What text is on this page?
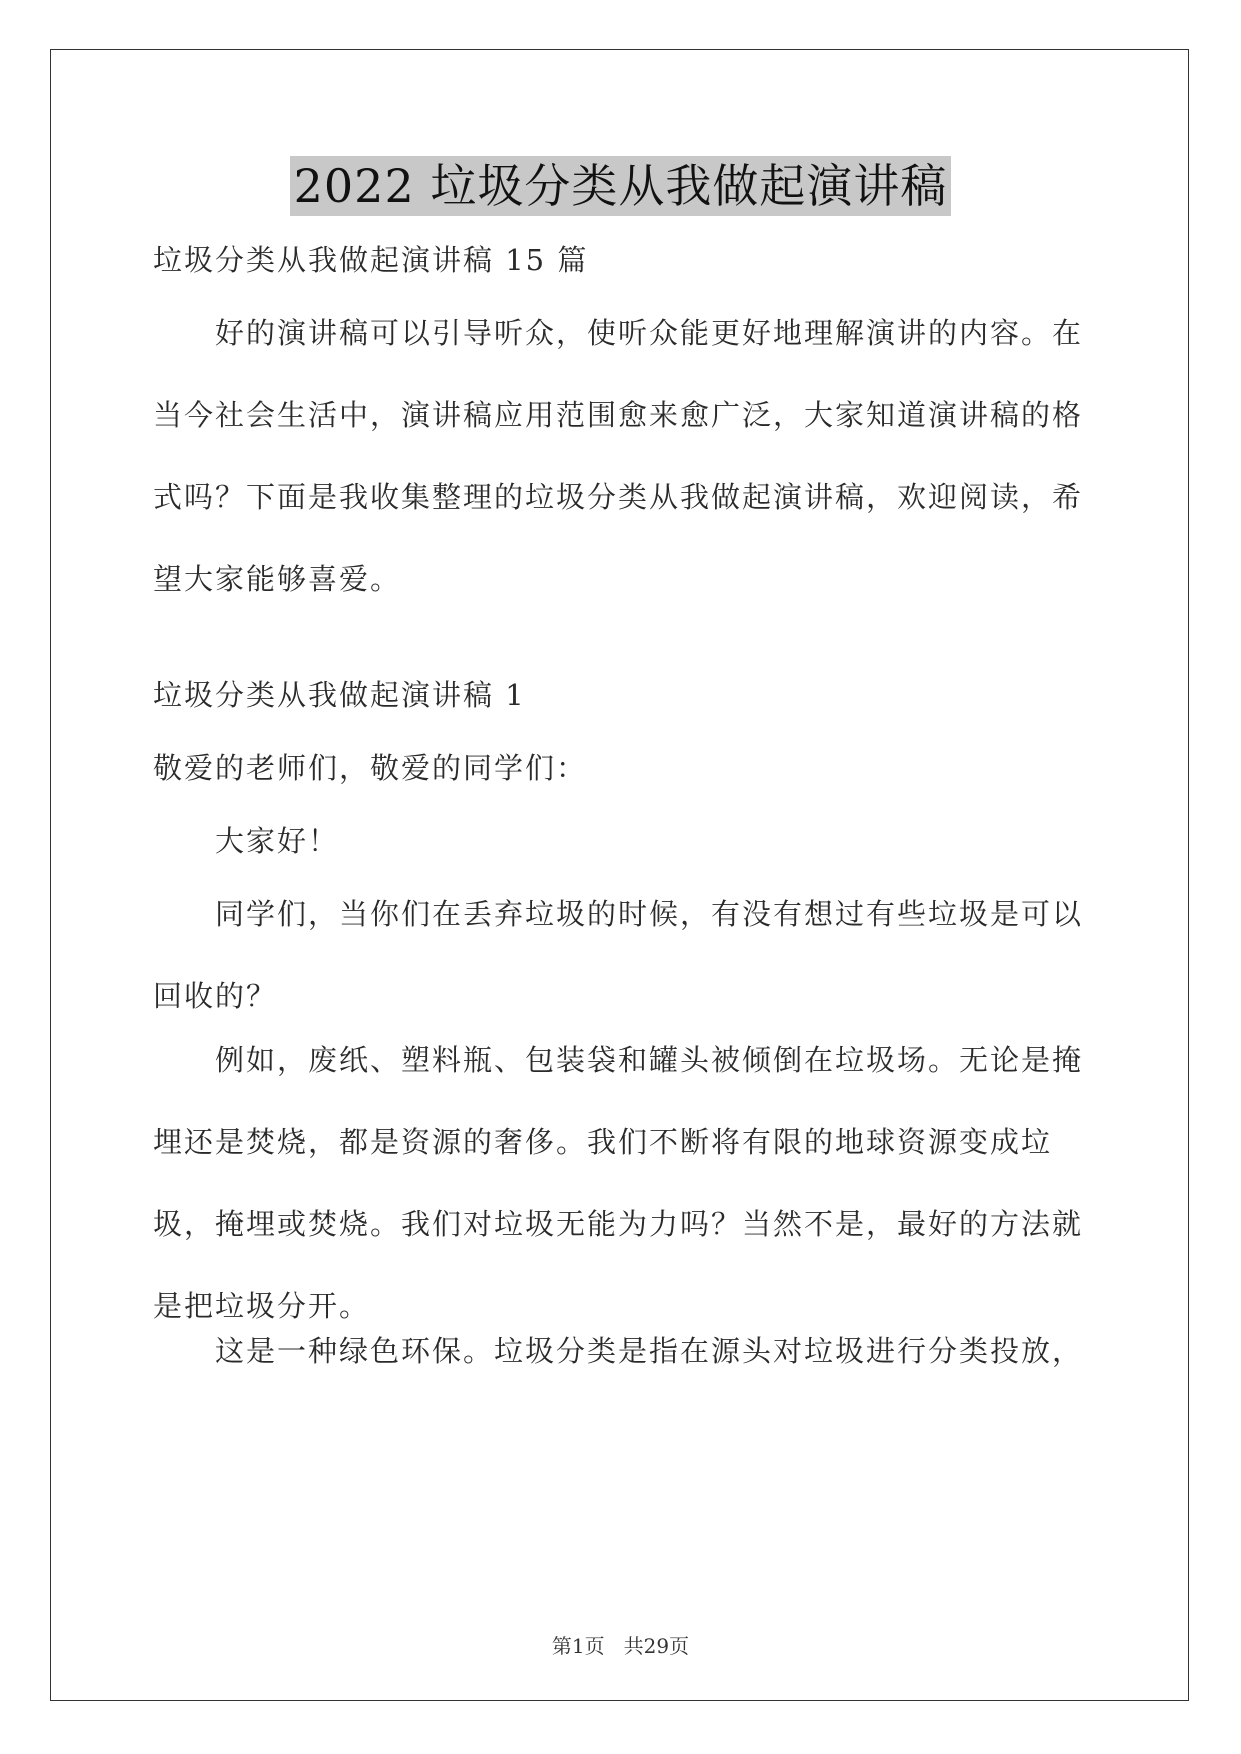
2022 垃圾分类从我做起演讲稿

垃圾分类从我做起演讲稿 15 篇

好的演讲稿可以引导听众，使听众能更好地理解演讲的内容。在当今社会生活中，演讲稿应用范围愈来愈广泛，大家知道演讲稿的格式吗？下面是我收集整理的垃圾分类从我做起演讲稿，欢迎阅读，希望大家能够喜爱。

垃圾分类从我做起演讲稿 1

敬爱的老师们，敬爱的同学们：

大家好！

同学们，当你们在丢弃垃圾的时候，有没有想过有些垃圾是可以回收的？

例如，废纸、塑料瓶、包装袋和罐头被倾倒在垃圾场。无论是掩埋还是焚烧，都是资源的奢侈。我们不断将有限的地球资源变成垃圾，掩埋或焚烧。我们对垃圾无能为力吗？当然不是，最好的方法就是把垃圾分开。

这是一种绿色环保。垃圾分类是指在源头对垃圾进行分类投放，

第1页   共29页
